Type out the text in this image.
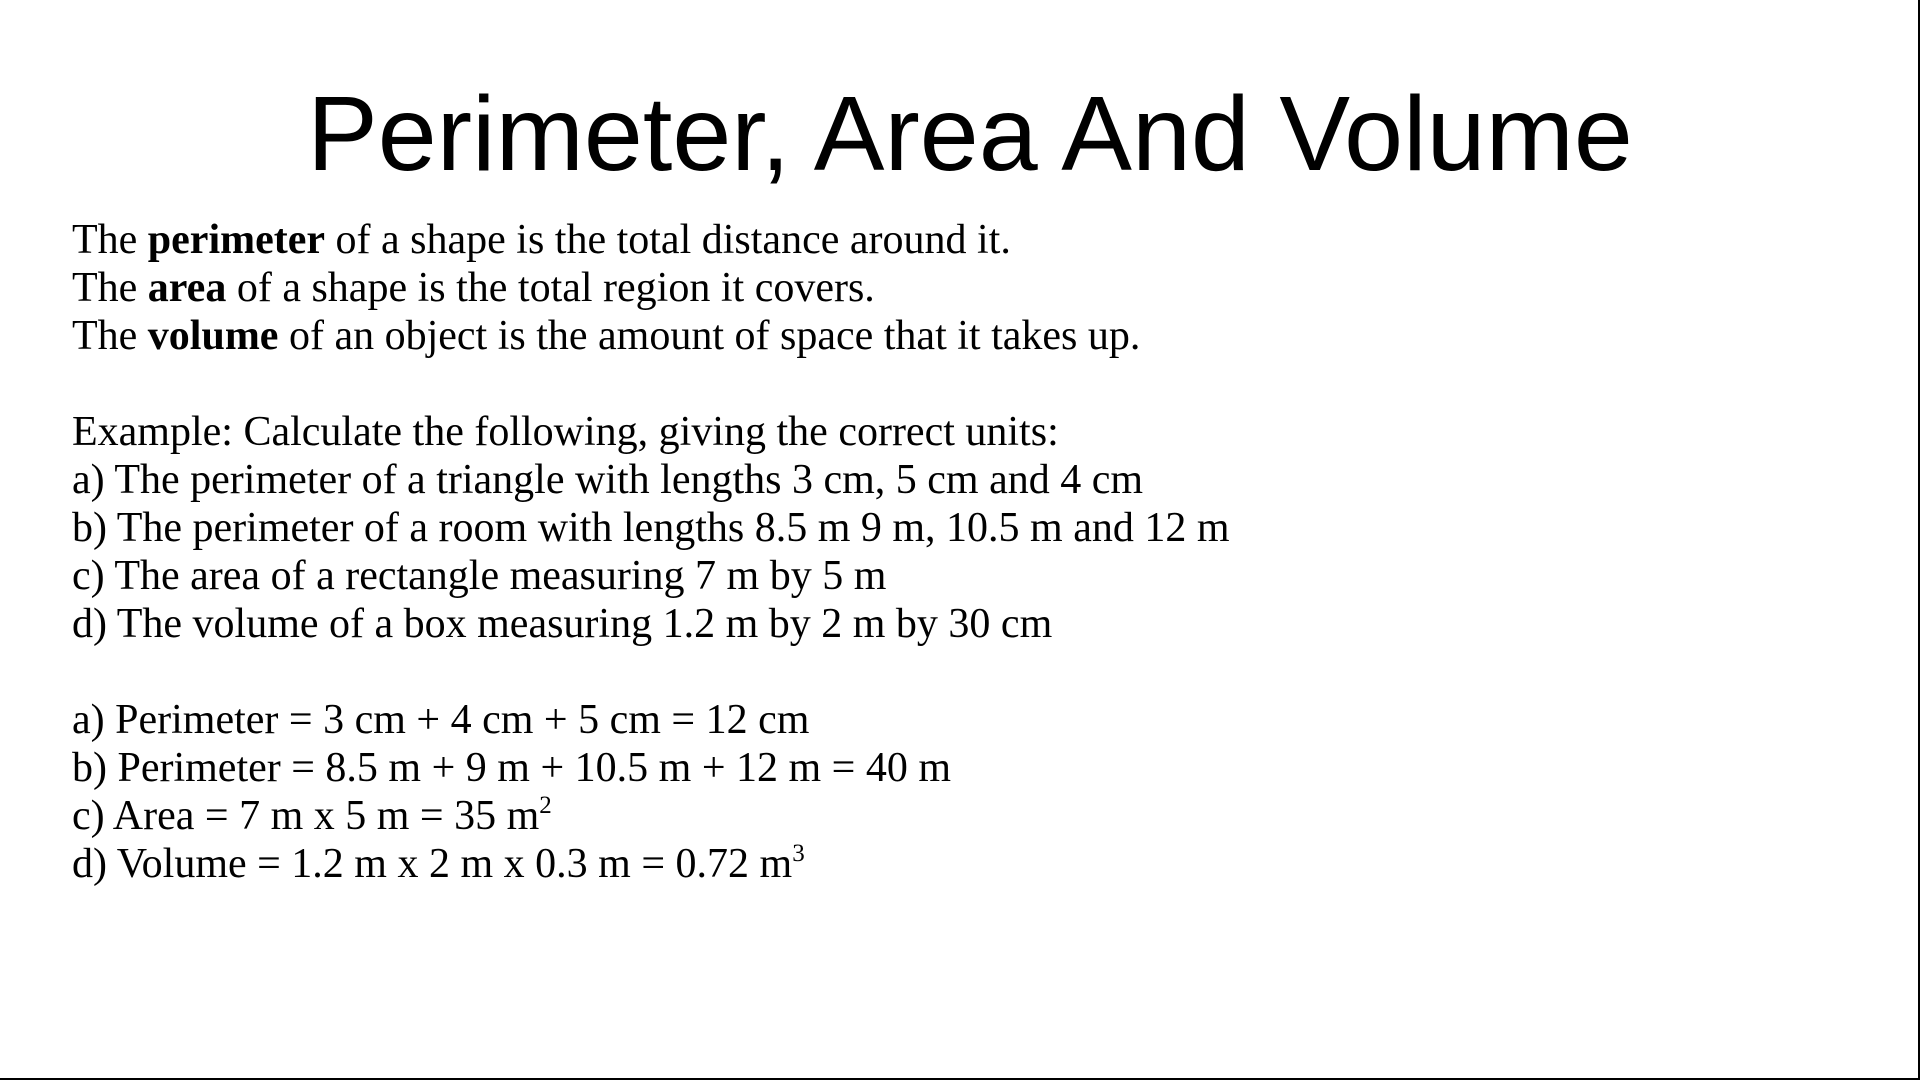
Perimeter, Area And Volume
The perimeter of a shape is the total distance around it.
The area of a shape is the total region it covers.
The volume of an object is the amount of space that it takes up.
Example: Calculate the following, giving the correct units:
a) The perimeter of a triangle with lengths 3 cm, 5 cm and 4 cm
b) The perimeter of a room with lengths 8.5 m 9 m, 10.5 m and 12 m
c) The area of a rectangle measuring 7 m by 5 m
d) The volume of a box measuring 1.2 m by 2 m by 30 cm
a) Perimeter = 3 cm + 4 cm + 5 cm = 12 cm
b) Perimeter = 8.5 m + 9 m + 10.5 m + 12 m = 40 m
c) Area = 7 m x 5 m = 35 $m^2$
d) Volume = 1.2 m x 2 m x 0.3 m = 0.72 $m^3$
